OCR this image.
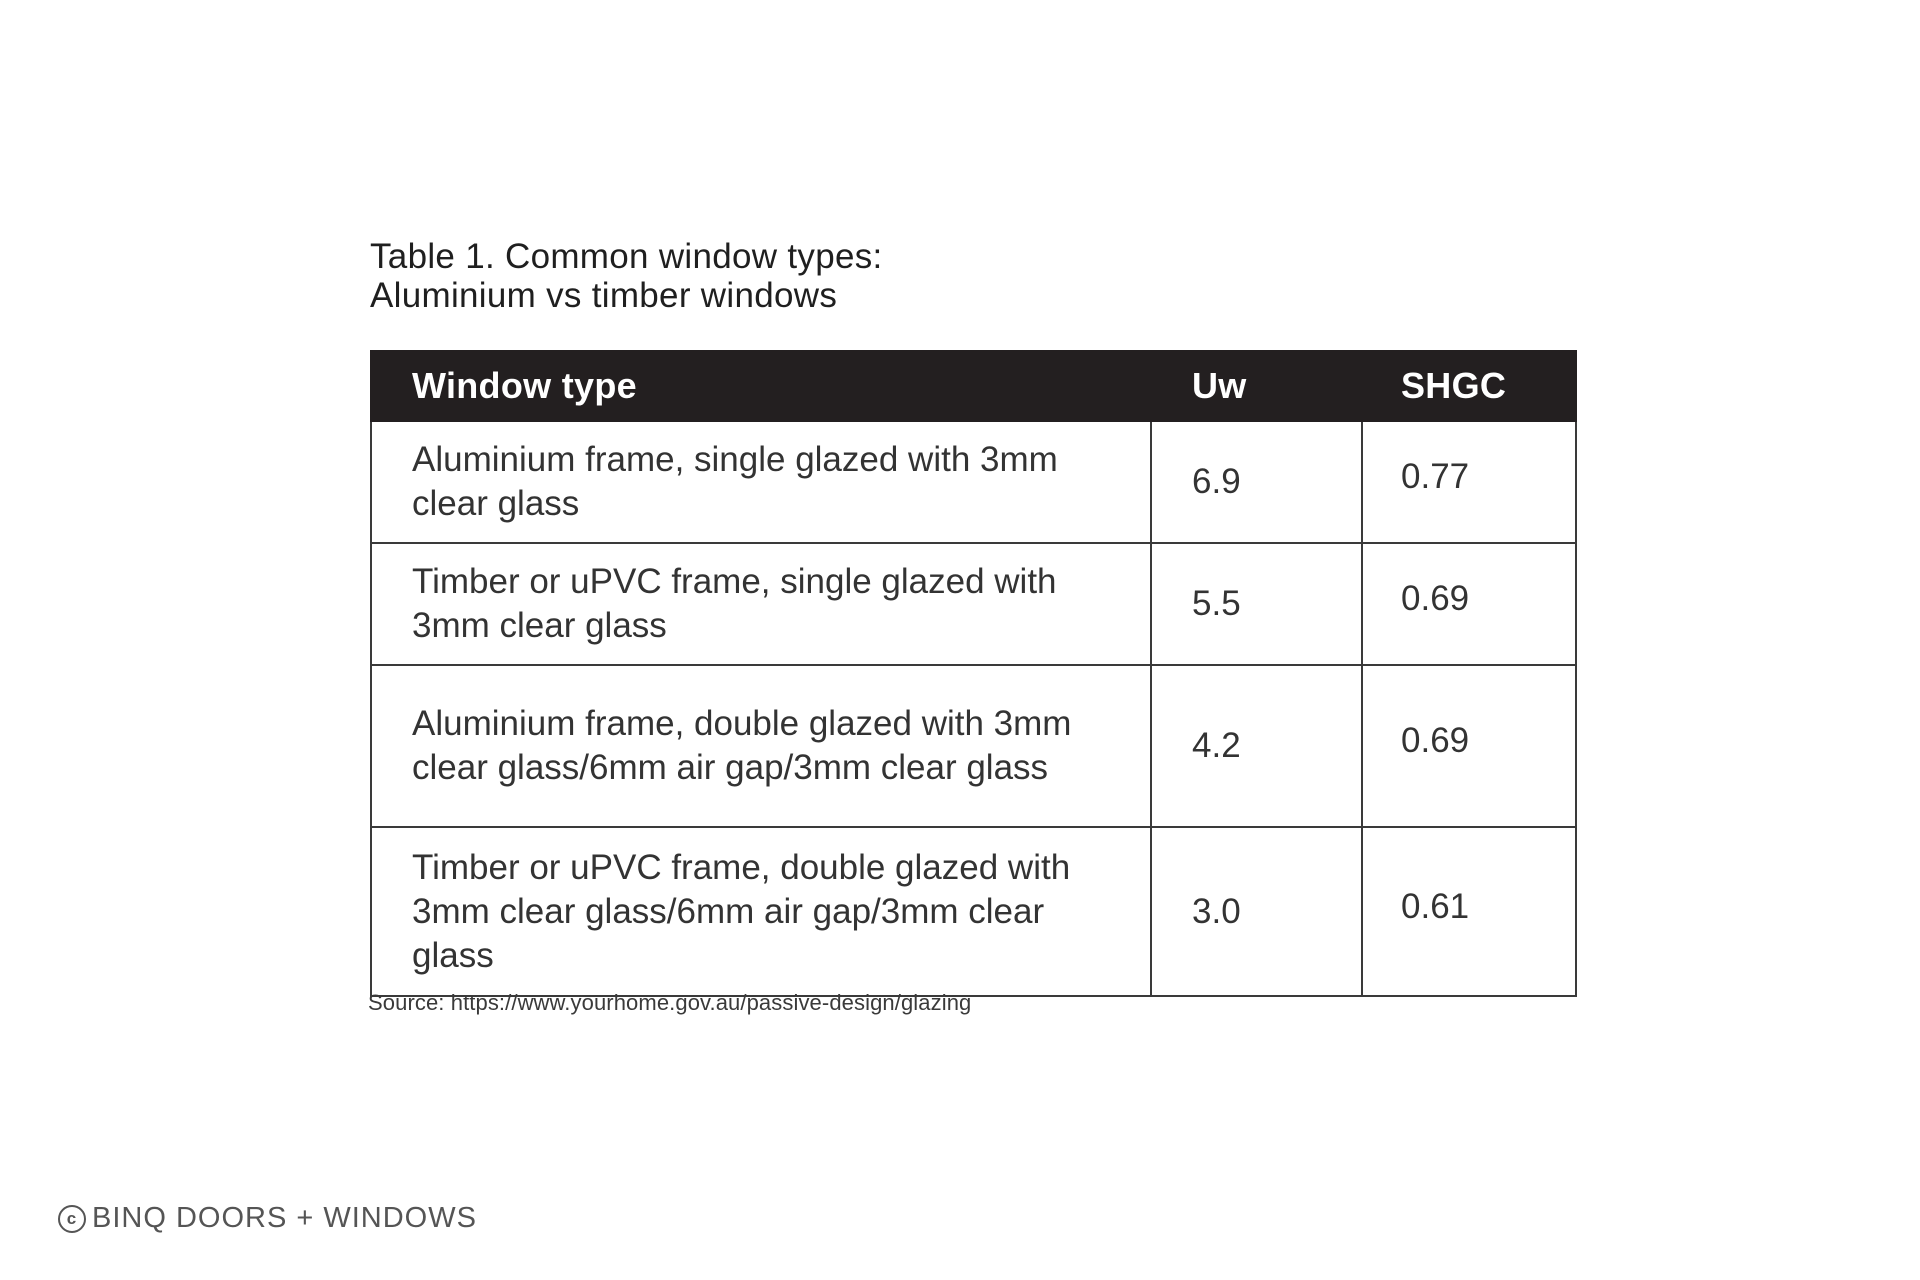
Table 1. Common window types:
Aluminium vs timber windows
Window type	Uw	SHGC
Aluminium frame, single glazed with 3mm clear glass	6.9	0.77
Timber or uPVC frame, single glazed with 3mm clear glass	5.5	0.69
Aluminium frame, double glazed with 3mm clear glass/6mm air gap/3mm clear glass	4.2	0.69
Timber or uPVC frame, double glazed with 3mm clear glass/6mm air gap/3mm clear glass	3.0	0.61
Source: https://www.yourhome.gov.au/passive-design/glazing
c BINQ DOORS + WINDOWS
